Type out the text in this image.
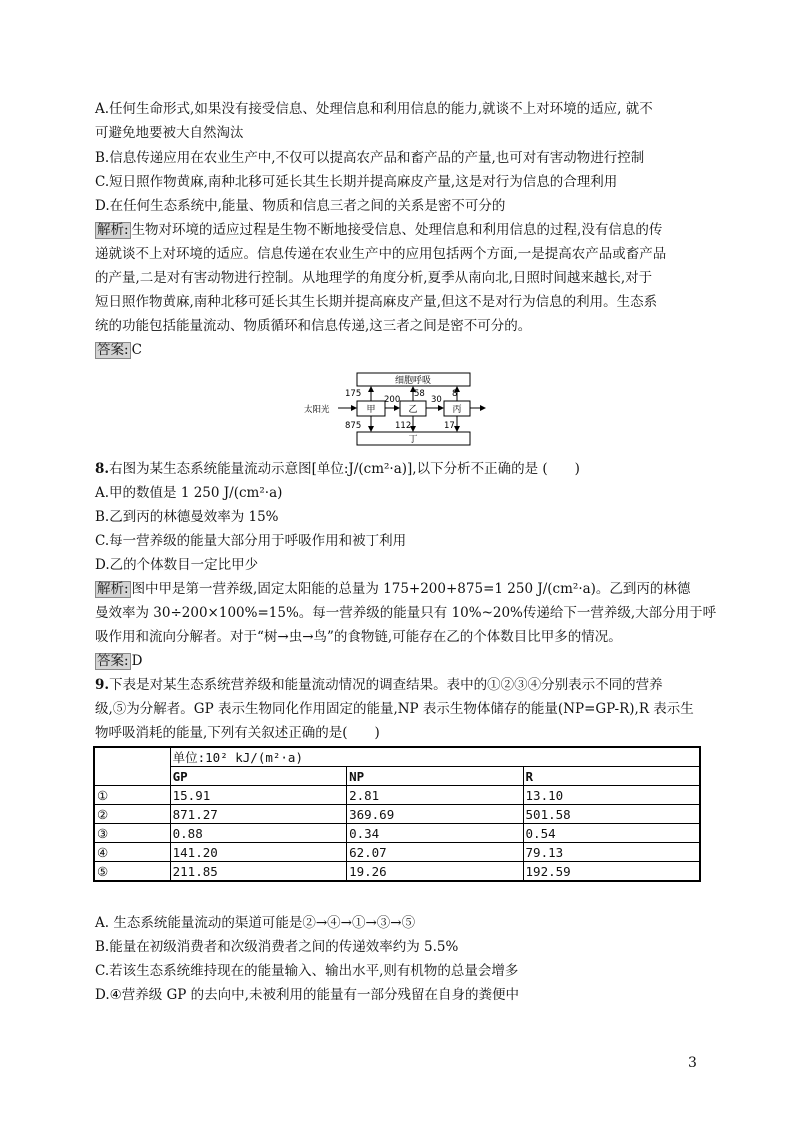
A.任何生命形式,如果没有接受信息、处理信息和利用信息的能力,就谈不上对环境的适应, 就不
可避免地要被大自然淘汰
B.信息传递应用在农业生产中,不仅可以提高农产品和畜产品的产量,也可对有害动物进行控制
C.短日照作物黄麻,南种北移可延长其生长期并提高麻皮产量,这是对行为信息的合理利用
D.在任何生态系统中,能量、物质和信息三者之间的关系是密不可分的
解析: 生物对环境的适应过程是生物不断地接受信息、处理信息和利用信息的过程,没有信息的传
递就谈不上对环境的适应。信息传递在农业生产中的应用包括两个方面,一是提高农产品或畜产品
的产量,二是对有害动物进行控制。从地理学的角度分析,夏季从南向北,日照时间越来越长,对于
短日照作物黄麻,南种北移可延长其生长期并提高麻皮产量,但这不是对行为信息的利用。生态系
统的功能包括能量流动、物质循环和信息传递,这三者之间是密不可分的。
答案: C
细胞呼吸
丁
甲	乙	丙
太阳光
200	30
175	58	8
875	112	17
8.右图为某生态系统能量流动示意图[单位:J/(cm²·a)],以下分析不正确的是 (　　)
A.甲的数值是 1 250 J/(cm²·a)
B.乙到丙的林德曼效率为 15%
C.每一营养级的能量大部分用于呼吸作用和被丁利用
D.乙的个体数目一定比甲少
解析: 图中甲是第一营养级,固定太阳能的总量为 175+200+875=1 250 J/(cm²·a)。乙到丙的林德
曼效率为 30÷200×100%=15%。每一营养级的能量只有 10%~20%传递给下一营养级,大部分用于呼
吸作用和流向分解者。对于“树→虫→鸟”的食物链,可能存在乙的个体数目比甲多的情况。
答案: D
9.下表是对某生态系统营养级和能量流动情况的调查结果。表中的①②③④分别表示不同的营养
级,⑤为分解者。GP 表示生物同化作用固定的能量,NP 表示生物体储存的能量(NP=GP-R),R 表示生
物呼吸消耗的能量,下列有关叙述正确的是(　　)
	单位:10² kJ/(m²·a)		
	GP	NP	R
①	15.91	2.81	13.10
②	871.27	369.69	501.58
③	0.88	0.34	0.54
④	141.20	62.07	79.13
⑤	211.85	19.26	192.59
A. 生态系统能量流动的渠道可能是②→④→①→③→⑤
B.能量在初级消费者和次级消费者之间的传递效率约为 5.5%
C.若该生态系统维持现在的能量输入、输出水平,则有机物的总量会增多
D.④营养级 GP 的去向中,未被利用的能量有一部分残留在自身的粪便中
3
